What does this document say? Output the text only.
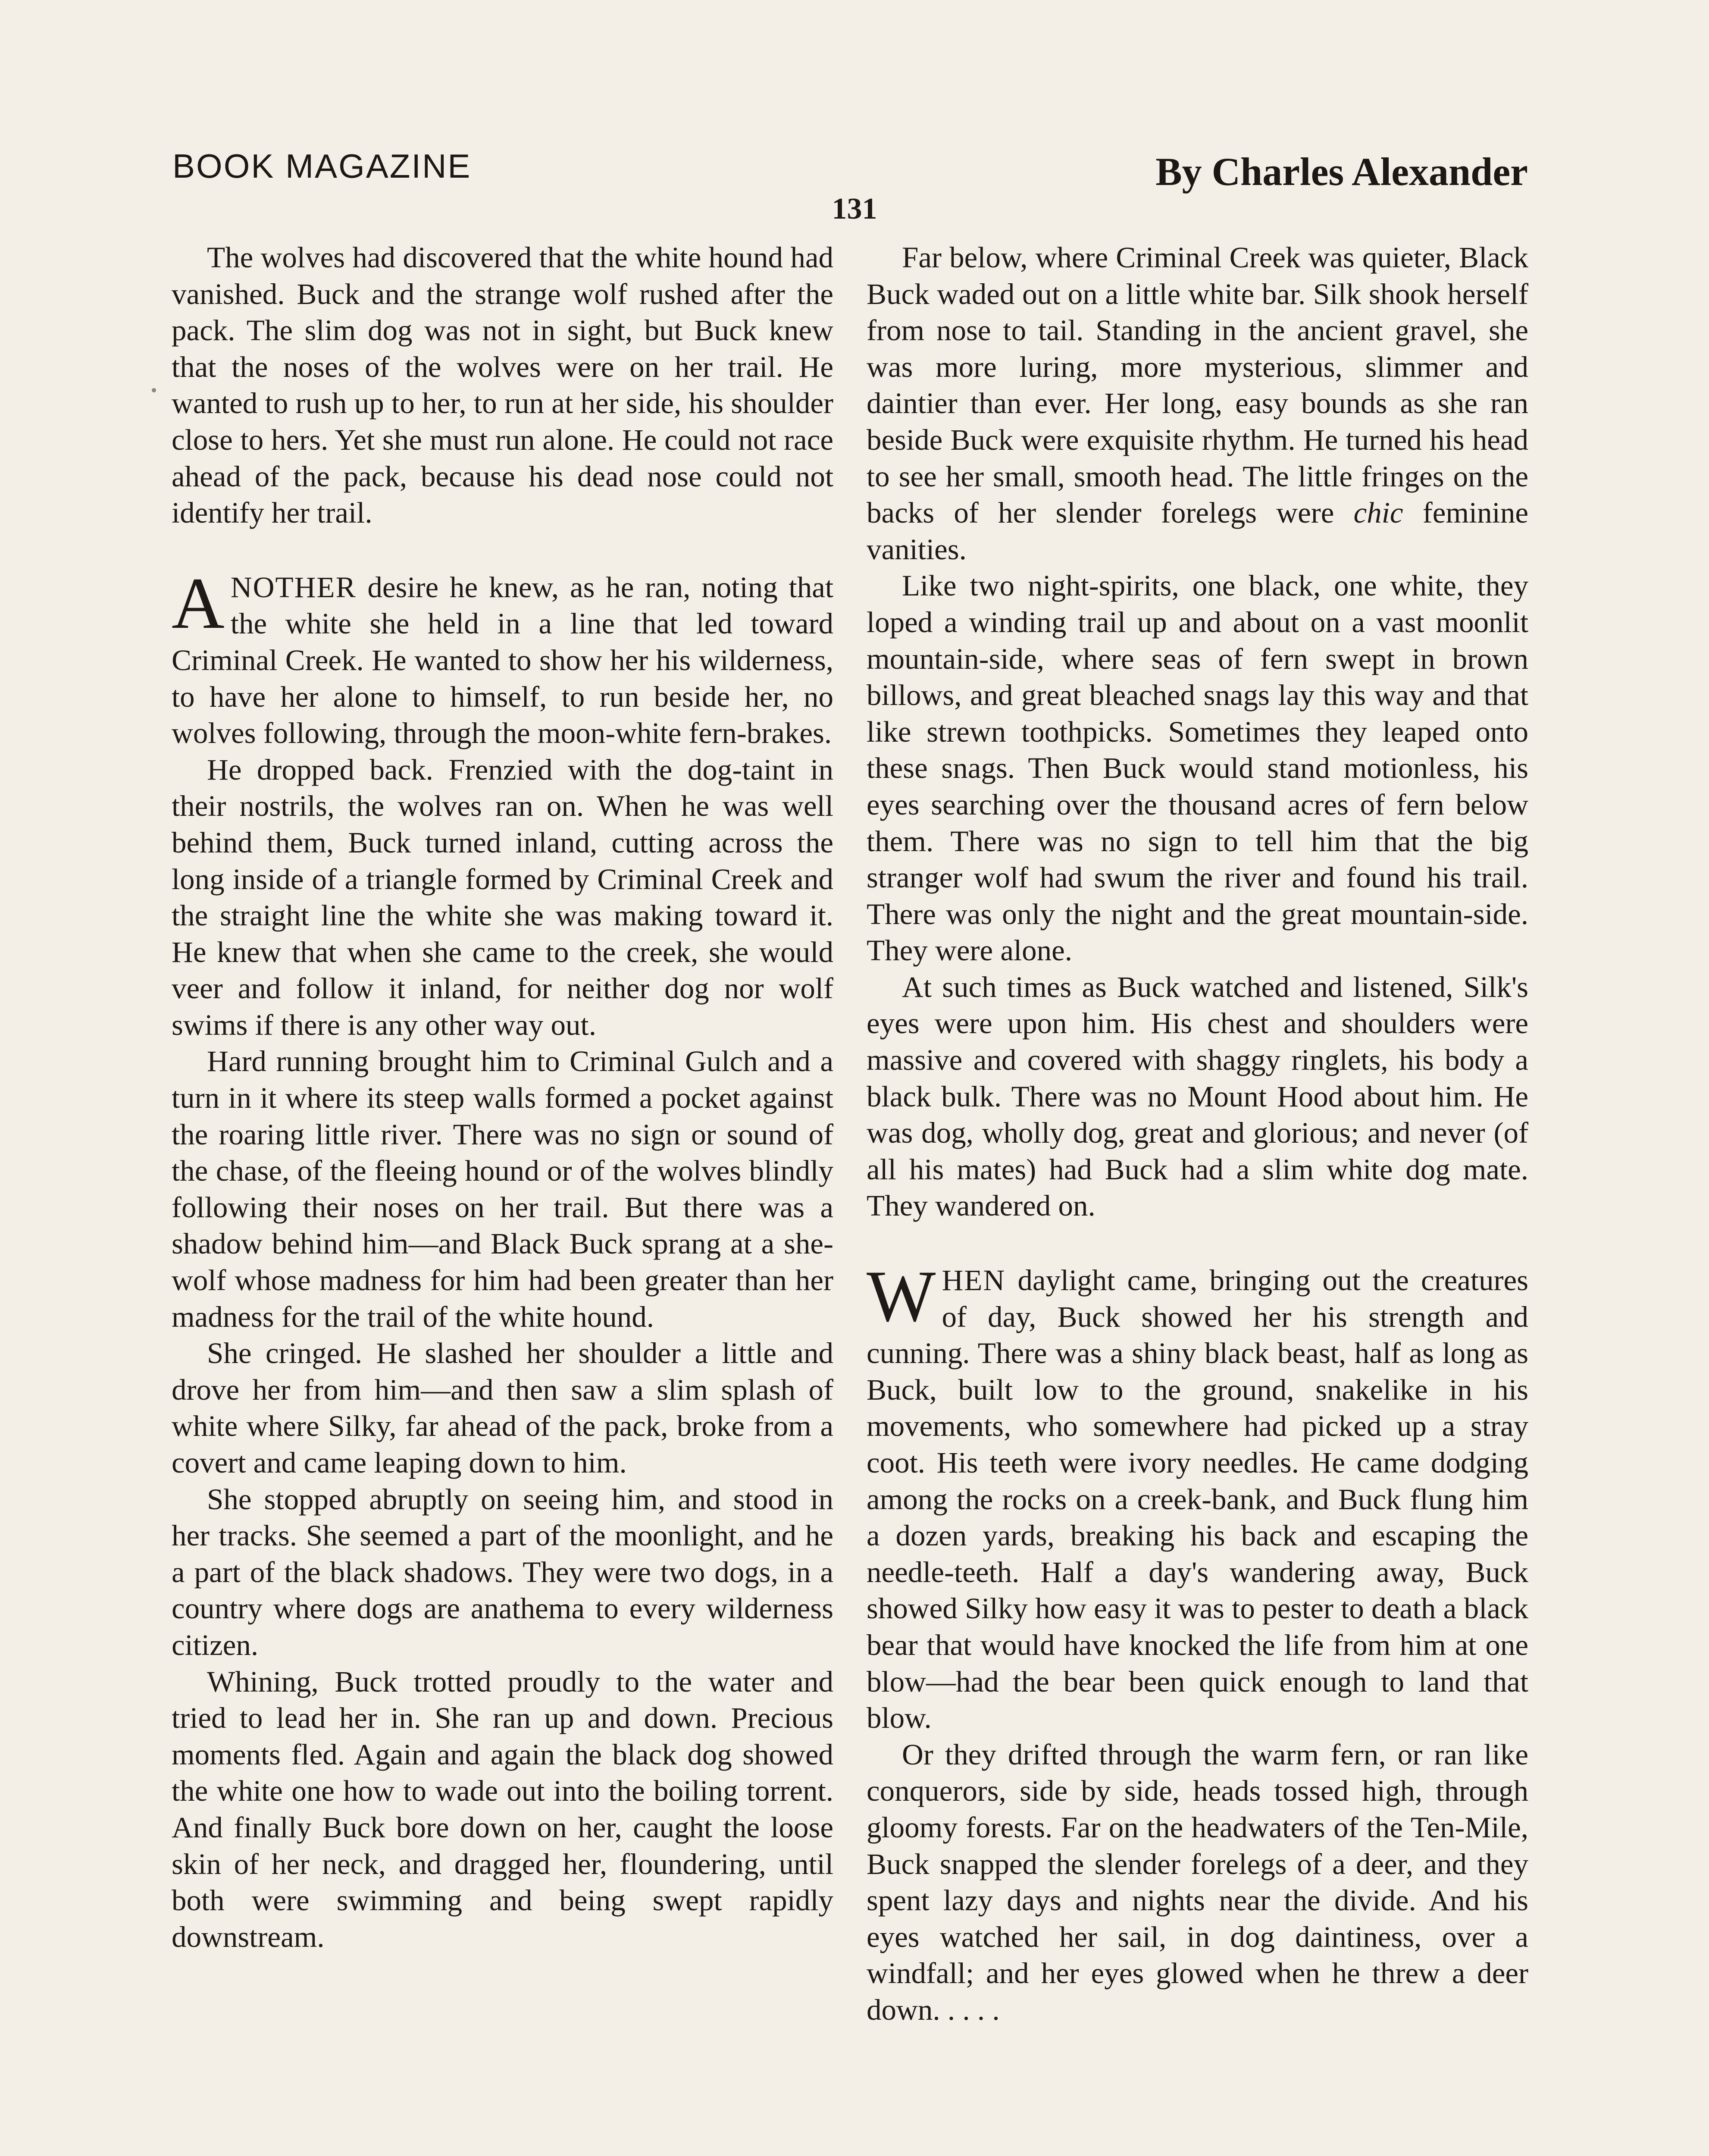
BOOK MAGAZINE	By Charles Alexander
131

The wolves had discovered that the white hound had vanished. Buck and the strange wolf rushed after the pack. The slim dog was not in sight, but Buck knew that the noses of the wolves were on her trail. He wanted to rush up to her, to run at her side, his shoulder close to hers. Yet she must run alone. He could not race ahead of the pack, because his dead nose could not identify her trail.

ANOTHER desire he knew, as he ran, noting that the white she held in a line that led toward Criminal Creek. He wanted to show her his wilderness, to have her alone to himself, to run beside her, no wolves following, through the moon-white fern-brakes.

He dropped back. Frenzied with the dog-taint in their nostrils, the wolves ran on. When he was well behind them, Buck turned inland, cutting across the long inside of a triangle formed by Criminal Creek and the straight line the white she was making toward it. He knew that when she came to the creek, she would veer and follow it inland, for neither dog nor wolf swims if there is any other way out.

Hard running brought him to Criminal Gulch and a turn in it where its steep walls formed a pocket against the roaring little river. There was no sign or sound of the chase, of the fleeing hound or of the wolves blindly following their noses on her trail. But there was a shadow behind him—and Black Buck sprang at a she-wolf whose madness for him had been greater than her madness for the trail of the white hound.

She cringed. He slashed her shoulder a little and drove her from him—and then saw a slim splash of white where Silky, far ahead of the pack, broke from a covert and came leaping down to him.

She stopped abruptly on seeing him, and stood in her tracks. She seemed a part of the moonlight, and he a part of the black shadows. They were two dogs, in a country where dogs are anathema to every wilderness citizen.

Whining, Buck trotted proudly to the water and tried to lead her in. She ran up and down. Precious moments fled. Again and again the black dog showed the white one how to wade out into the boiling torrent. And finally Buck bore down on her, caught the loose skin of her neck, and dragged her, floundering, until both were swimming and being swept rapidly downstream.

Far below, where Criminal Creek was quieter, Black Buck waded out on a little white bar. Silk shook herself from nose to tail. Standing in the ancient gravel, she was more luring, more mysterious, slimmer and daintier than ever. Her long, easy bounds as she ran beside Buck were exquisite rhythm. He turned his head to see her small, smooth head. The little fringes on the backs of her slender forelegs were chic feminine vanities.

Like two night-spirits, one black, one white, they loped a winding trail up and about on a vast moonlit mountain-side, where seas of fern swept in brown billows, and great bleached snags lay this way and that like strewn toothpicks. Sometimes they leaped onto these snags. Then Buck would stand motionless, his eyes searching over the thousand acres of fern below them. There was no sign to tell him that the big stranger wolf had swum the river and found his trail. There was only the night and the great mountain-side. They were alone.

At such times as Buck watched and listened, Silk's eyes were upon him. His chest and shoulders were massive and covered with shaggy ringlets, his body a black bulk. There was no Mount Hood about him. He was dog, wholly dog, great and glorious; and never (of all his mates) had Buck had a slim white dog mate. They wandered on.

WHEN daylight came, bringing out the creatures of day, Buck showed her his strength and cunning. There was a shiny black beast, half as long as Buck, built low to the ground, snakelike in his movements, who somewhere had picked up a stray coot. His teeth were ivory needles. He came dodging among the rocks on a creek-bank, and Buck flung him a dozen yards, breaking his back and escaping the needle-teeth. Half a day's wandering away, Buck showed Silky how easy it was to pester to death a black bear that would have knocked the life from him at one blow—had the bear been quick enough to land that blow.

Or they drifted through the warm fern, or ran like conquerors, side by side, heads tossed high, through gloomy forests. Far on the headwaters of the Ten-Mile, Buck snapped the slender forelegs of a deer, and they spent lazy days and nights near the divide. And his eyes watched her sail, in dog daintiness, over a windfall; and her eyes glowed when he threw a deer down. . . . .
